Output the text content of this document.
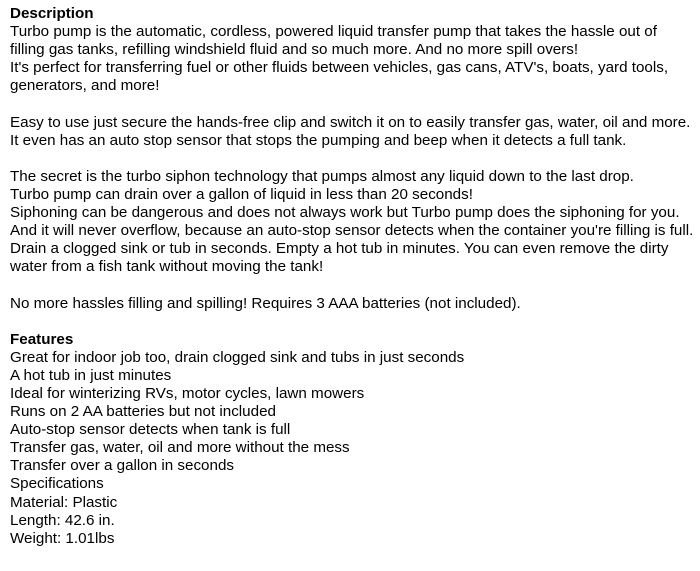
Description
Turbo pump is the automatic, cordless, powered liquid transfer pump that takes the hassle out of filling gas tanks, refilling windshield fluid and so much more. And no more spill overs!
It's perfect for transferring fuel or other fluids between vehicles, gas cans, ATV's, boats, yard tools, generators, and more!
Easy to use just secure the hands-free clip and switch it on to easily transfer gas, water, oil and more. It even has an auto stop sensor that stops the pumping and beep when it detects a full tank.
The secret is the turbo siphon technology that pumps almost any liquid down to the last drop.
Turbo pump can drain over a gallon of liquid in less than 20 seconds!
Siphoning can be dangerous and does not always work but Turbo pump does the siphoning for you. And it will never overflow, because an auto-stop sensor detects when the container you're filling is full. Drain a clogged sink or tub in seconds. Empty a hot tub in minutes. You can even remove the dirty water from a fish tank without moving the tank!
No more hassles filling and spilling! Requires 3 AAA batteries (not included).
Features
Great for indoor job too, drain clogged sink and tubs in just seconds
A hot tub in just minutes
Ideal for winterizing RVs, motor cycles, lawn mowers
Runs on 2 AA batteries but not included
Auto-stop sensor detects when tank is full
Transfer gas, water, oil and more without the mess
Transfer over a gallon in seconds
Specifications
Material: Plastic
Length: 42.6 in.
Weight: 1.01lbs
